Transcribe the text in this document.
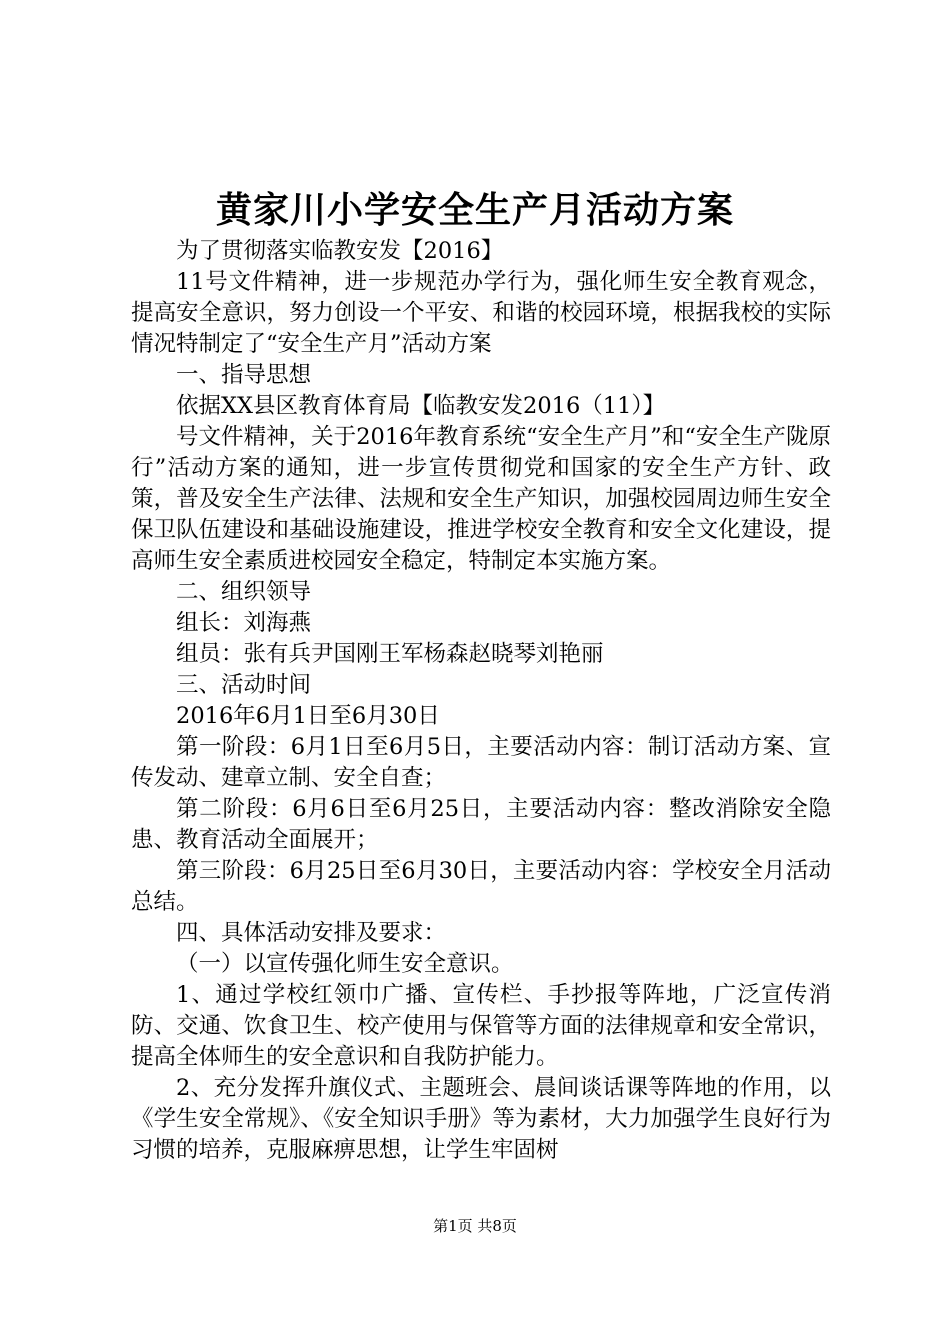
黄家川小学安全生产月活动方案

为了贯彻落实临教安发【2016】

11号文件精神，进一步规范办学行为，强化师生安全教育观念，提高安全意识，努力创设一个平安、和谐的校园环境，根据我校的实际情况特制定了“安全生产月”活动方案

一、指导思想

依据XX县区教育体育局【临教安发2016（11）】

号文件精神，关于2016年教育系统“安全生产月”和“安全生产陇原行”活动方案的通知，进一步宣传贯彻党和国家的安全生产方针、政策，普及安全生产法律、法规和安全生产知识，加强校园周边师生安全保卫队伍建设和基础设施建设，推进学校安全教育和安全文化建设，提高师生安全素质进校园安全稳定，特制定本实施方案。

二、组织领导

组长：刘海燕

组员：张有兵尹国刚王军杨森赵晓琴刘艳丽

三、活动时间

2016年6月1日至6月30日

第一阶段：6月1日至6月5日，主要活动内容：制订活动方案、宣传发动、建章立制、安全自查；

第二阶段：6月6日至6月25日，主要活动内容：整改消除安全隐患、教育活动全面展开；

第三阶段：6月25日至6月30日，主要活动内容：学校安全月活动总结。

四、具体活动安排及要求：

（一）以宣传强化师生安全意识。

1、通过学校红领巾广播、宣传栏、手抄报等阵地，广泛宣传消防、交通、饮食卫生、校产使用与保管等方面的法律规章和安全常识，提高全体师生的安全意识和自我防护能力。

2、充分发挥升旗仪式、主题班会、晨间谈话课等阵地的作用，以《学生安全常规》、《安全知识手册》等为素材，大力加强学生良好行为习惯的培养，克服麻痹思想，让学生牢固树

第1页 共8页
